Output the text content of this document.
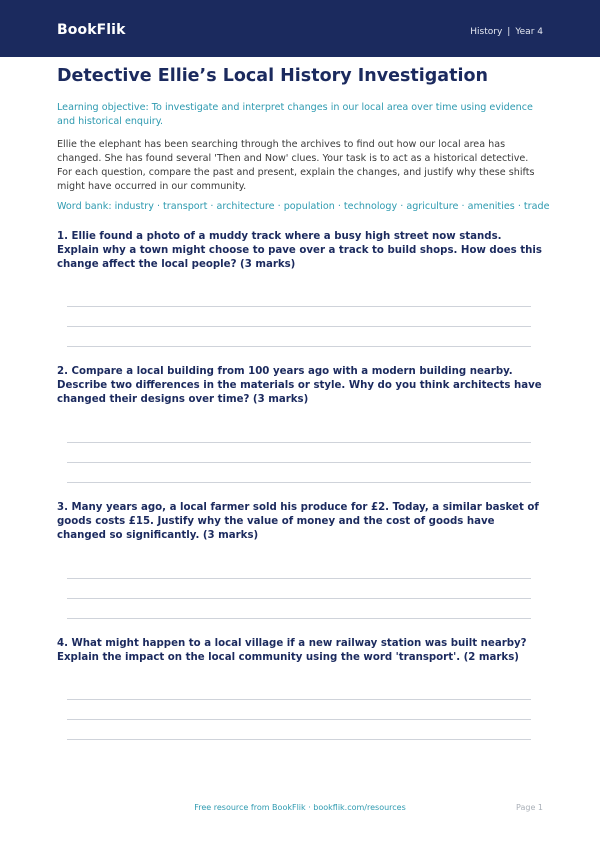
BookFlik	History | Year 4
Detective Ellie’s Local History Investigation
Learning objective: To investigate and interpret changes in our local area over time using evidence and historical enquiry.
Ellie the elephant has been searching through the archives to find out how our local area has changed. She has found several 'Then and Now' clues. Your task is to act as a historical detective. For each question, compare the past and present, explain the changes, and justify why these shifts might have occurred in our community.
Word bank: industry · transport · architecture · population · technology · agriculture · amenities · trade
1. Ellie found a photo of a muddy track where a busy high street now stands. Explain why a town might choose to pave over a track to build shops. How does this change affect the local people? (3 marks)
2. Compare a local building from 100 years ago with a modern building nearby. Describe two differences in the materials or style. Why do you think architects have changed their designs over time? (3 marks)
3. Many years ago, a local farmer sold his produce for £2. Today, a similar basket of goods costs £15. Justify why the value of money and the cost of goods have changed so significantly. (3 marks)
4. What might happen to a local village if a new railway station was built nearby? Explain the impact on the local community using the word 'transport'. (2 marks)
Free resource from BookFlik · bookflik.com/resources	Page 1
